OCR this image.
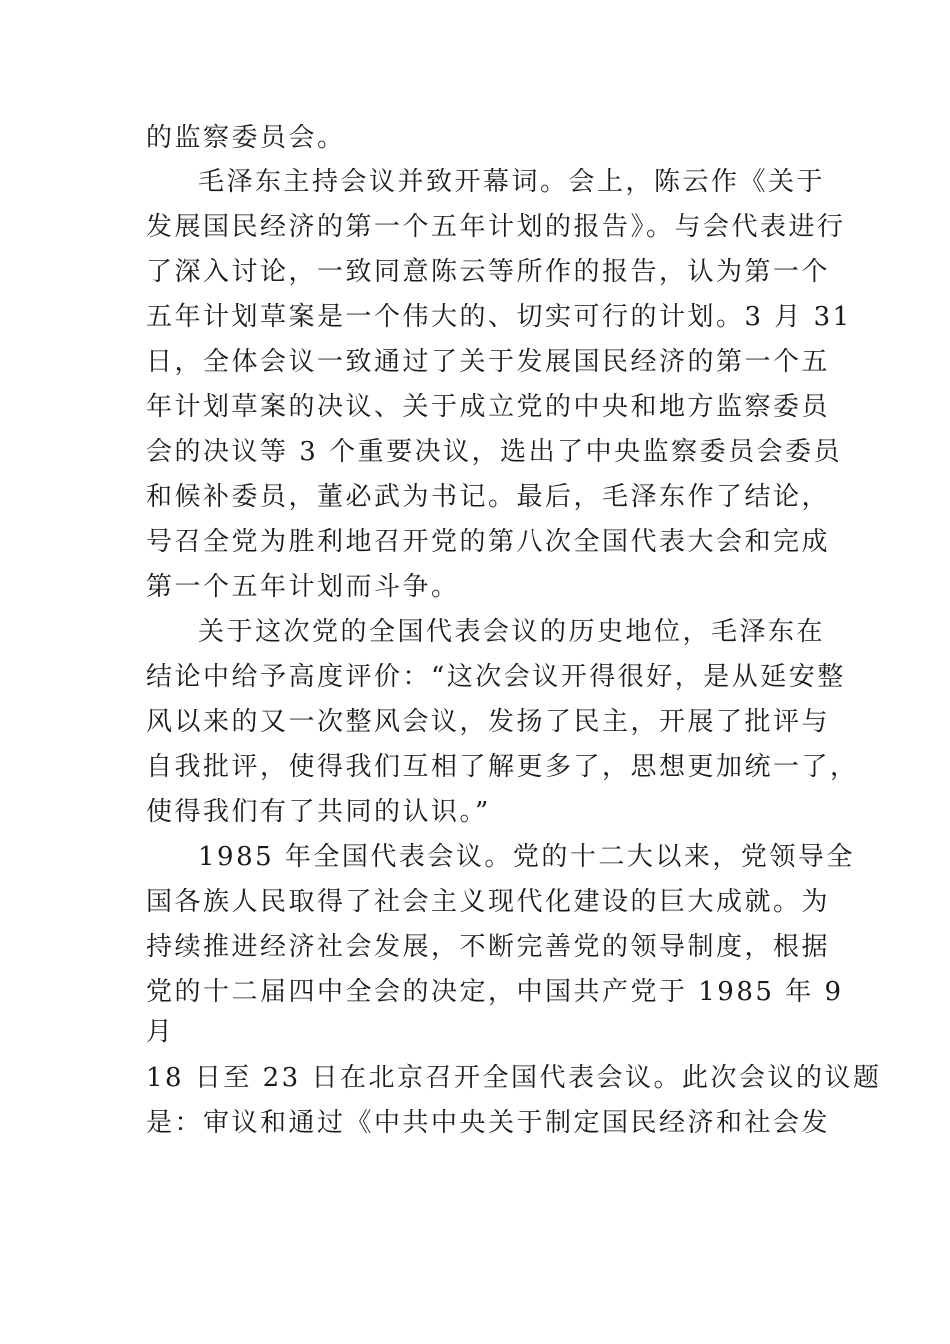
的监察委员会。
毛泽东主持会议并致开幕词。会上，陈云作《关于
发展国民经济的第一个五年计划的报告》。与会代表进行
了深入讨论，一致同意陈云等所作的报告，认为第一个
五年计划草案是一个伟大的、切实可行的计划。3 月 31
日，全体会议一致通过了关于发展国民经济的第一个五
年计划草案的决议、关于成立党的中央和地方监察委员
会的决议等 3 个重要决议，选出了中央监察委员会委员
和候补委员，董必武为书记。最后，毛泽东作了结论，
号召全党为胜利地召开党的第八次全国代表大会和完成
第一个五年计划而斗争。
关于这次党的全国代表会议的历史地位，毛泽东在
结论中给予高度评价：“这次会议开得很好，是从延安整
风以来的又一次整风会议，发扬了民主，开展了批评与
自我批评，使得我们互相了解更多了，思想更加统一了，
使得我们有了共同的认识。”
1985 年全国代表会议。党的十二大以来，党领导全
国各族人民取得了社会主义现代化建设的巨大成就。为
持续推进经济社会发展，不断完善党的领导制度，根据
党的十二届四中全会的决定，中国共产党于 1985 年 9
月
18 日至 23 日在北京召开全国代表会议。此次会议的议题
是：审议和通过《中共中央关于制定国民经济和社会发
